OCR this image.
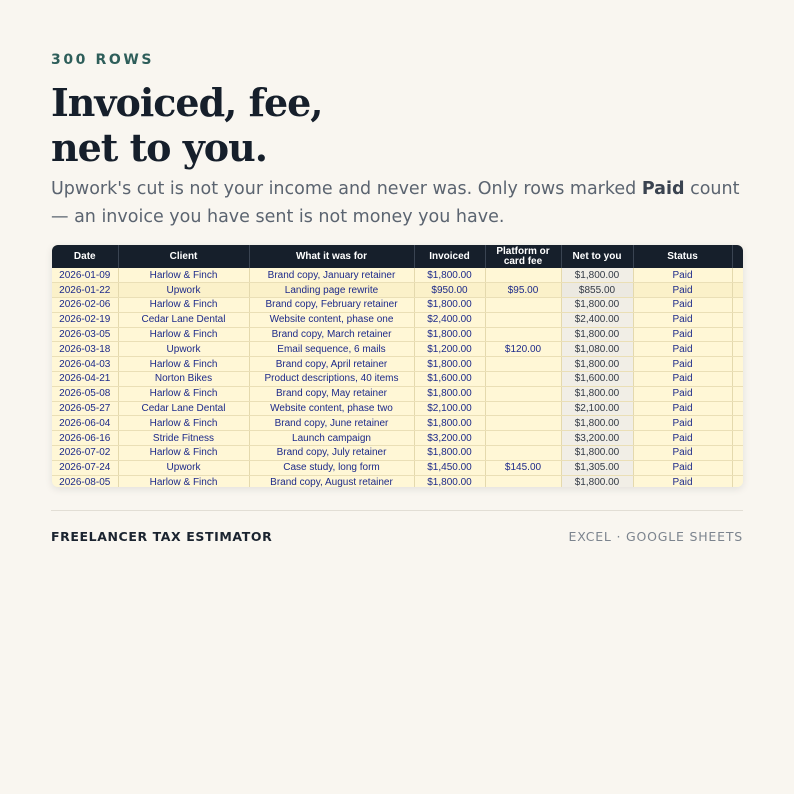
300 ROWS
Invoiced, fee,
net to you.

Upwork's cut is not your income and never was. Only rows marked Paid count — an invoice you have sent is not money you have.

Date	Client	What it was for	Invoiced	Platform or card fee	Net to you	Status	
2026-01-09	Harlow & Finch	Brand copy, January retainer	$1,800.00		$1,800.00	Paid	
2026-01-22	Upwork	Landing page rewrite	$950.00	$95.00	$855.00	Paid	
2026-02-06	Harlow & Finch	Brand copy, February retainer	$1,800.00		$1,800.00	Paid	
2026-02-19	Cedar Lane Dental	Website content, phase one	$2,400.00		$2,400.00	Paid	
2026-03-05	Harlow & Finch	Brand copy, March retainer	$1,800.00		$1,800.00	Paid	
2026-03-18	Upwork	Email sequence, 6 mails	$1,200.00	$120.00	$1,080.00	Paid	
2026-04-03	Harlow & Finch	Brand copy, April retainer	$1,800.00		$1,800.00	Paid	
2026-04-21	Norton Bikes	Product descriptions, 40 items	$1,600.00		$1,600.00	Paid	
2026-05-08	Harlow & Finch	Brand copy, May retainer	$1,800.00		$1,800.00	Paid	
2026-05-27	Cedar Lane Dental	Website content, phase two	$2,100.00		$2,100.00	Paid	
2026-06-04	Harlow & Finch	Brand copy, June retainer	$1,800.00		$1,800.00	Paid	
2026-06-16	Stride Fitness	Launch campaign	$3,200.00		$3,200.00	Paid	
2026-07-02	Harlow & Finch	Brand copy, July retainer	$1,800.00		$1,800.00	Paid	
2026-07-24	Upwork	Case study, long form	$1,450.00	$145.00	$1,305.00	Paid	
2026-08-05	Harlow & Finch	Brand copy, August retainer	$1,800.00		$1,800.00	Paid	
FREELANCER TAX ESTIMATOR	EXCEL · GOOGLE SHEETS
